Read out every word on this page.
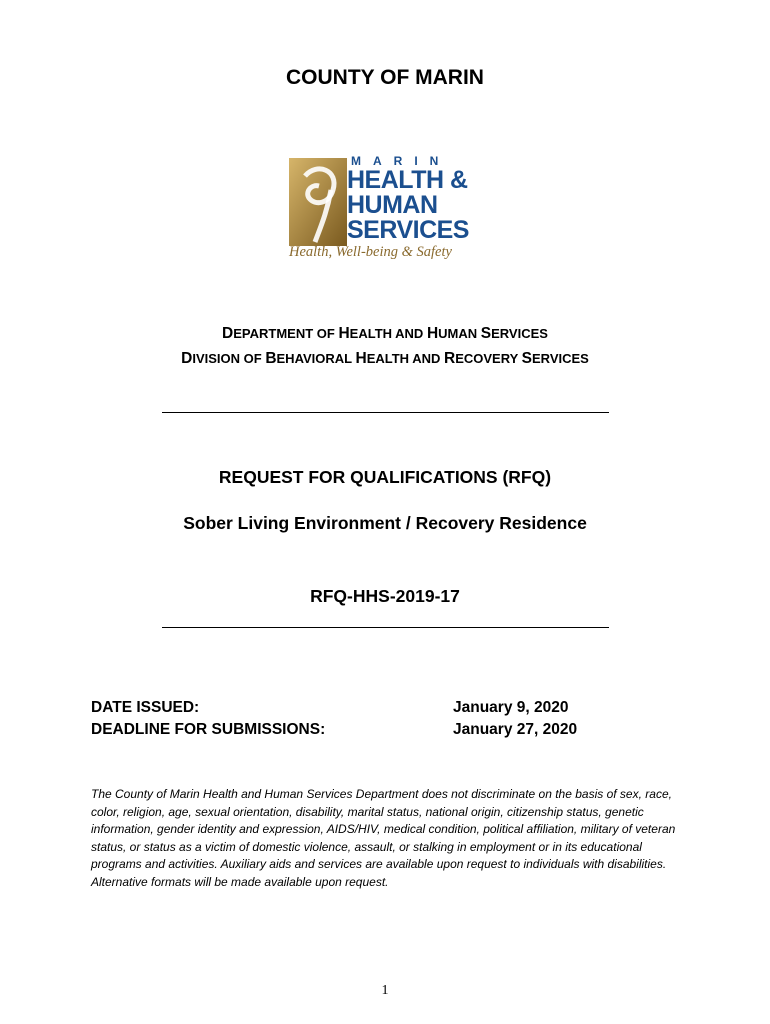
COUNTY OF MARIN
MARIN
HEALTH &
HUMAN
SERVICES
Health, Well-being & Safety
DEPARTMENT OF HEALTH AND HUMAN SERVICES
DIVISION OF BEHAVIORAL HEALTH AND RECOVERY SERVICES
REQUEST FOR QUALIFICATIONS (RFQ)
Sober Living Environment / Recovery Residence
RFQ-HHS-2019-17
DATE ISSUED:
DEADLINE FOR SUBMISSIONS:
January 9, 2020
January 27, 2020
The County of Marin Health and Human Services Department does not discriminate on the basis of sex, race, color, religion, age, sexual orientation, disability, marital status, national origin, citizenship status, genetic information, gender identity and expression, AIDS/HIV, medical condition, political affiliation, military of veteran status, or status as a victim of domestic violence, assault, or stalking in employment or in its educational programs and activities. Auxiliary aids and services are available upon request to individuals with disabilities. Alternative formats will be made available upon request.
1
